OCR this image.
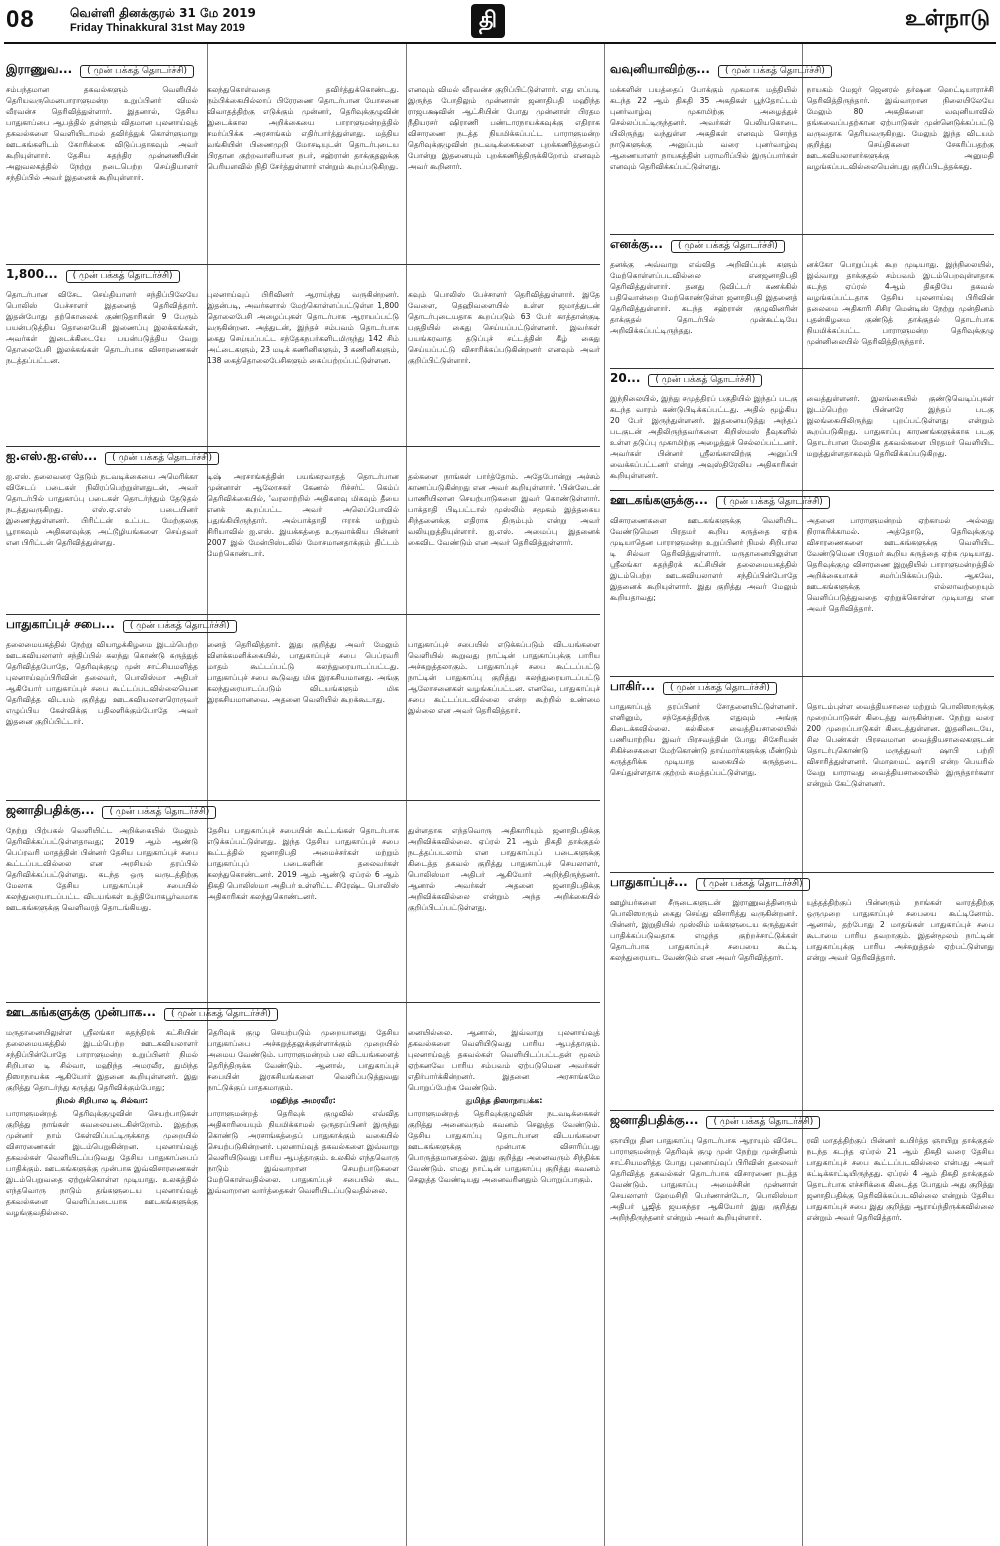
08	வெள்ளி தினக்குரல் 31 மே 2019
Friday Thinakkural 31st May 2019	தி	உள்நாடு
இராணுவ...	( முன் பக்கத் தொடர்ச்சி)

சம்பந்தமான தகவல்களும் வெளியில் தெரியவருமெனபாராளுமன்ற உறுப்பினர் விமல் வீரவன்ச தெரிவித்துள்ளார். இதனால், தேசிய பாதுகாப்பை ஆபத்தில் தள்ளும் விதமான புலனாய்வுத் தகவல்களை வெளியிடாமல் தவிர்த்துக் கொள்ளுமாறு ஊடகங்களிடம் கோரிக்கை விடுப்பதாகவும் அவர் கூறியுள்ளார். தேசிய சுதந்திர முன்னணியின் அலுவலகத்தில் நேற்று நடைபெற்ற செய்தியாளர் சந்திப்பில் அவர் இதனைக் கூறியுள்ளார்.

கலந்துகொள்வதை தவிர்த்துக்கொண்டது. நம்பிக்கையில்லாப் பிரேரணை தொடர்பான யோசனை விவாதத்திற்கு எடுக்கும் முன்னர், தெரிவுக்குழுவின் இடைக்கால அறிக்கையை பாராளுமன்றத்தில் சமர்ப்பிக்க அரசாங்கம் எதிர்பார்த்துள்ளது. மத்திய வங்கியின் பிணைமுறி மோசடியுடன் தொடர்புடைய பிரதான குற்றவாளியான நபர், சஹ்ரான் தாக்குதலுக்கு பெரியளவில் நிதி சேர்த்துள்ளார் என்றும் கூறப்படுகிறது.

எனவும் விமல் வீரவன்ச குறிப்பிட்டுள்ளார். எது எப்படி இருந்த போதிலும் முன்னாள் ஜனாதிபதி மஹிந்த ராஜபக்ஷவின் ஆட்சியின் போது முன்னாள் பிரதம நீதியரசர் ஷிராணி பண்டாரநாயக்கவுக்கு எதிராக விசாரணை நடத்த நியமிக்கப்பட்ட பாராளுமன்ற தெரிவுக்குழுவின் நடவடிக்கைகளை புறக்கணித்ததைப் போன்று இதனையும் புறக்கணித்திருக்கிறோம் எனவும் அவர் கூறினார்.

வவுனியாவிற்கு...	( முன் பக்கத் தொடர்ச்சி)

மக்களின் பயத்தைப் போக்கும் முகமாக மத்தியில் கடந்த 22 ஆம் திகதி 35 அகதிகள் பூந்தோட்டம் புனர்வாழ்வு முகாமிற்கு அழைத்துச் செல்லப்பட்டிருந்தனர். அவர்கள் பெலியகொடை யிலிருந்து வந்துள்ள அகதிகள் எனவும் சொந்த நாடுகளுக்கு அனுப்பும் வரை புனர்வாழ்வு ஆணையாளர் நாயகத்தின் பராமரிப்பில் இருப்பார்கள் எனவும் தெரிவிக்கப்பட்டுள்ளது.

நாயகம் மேஜர் ஜெனரல் தர்ஷன ஹெட்டியாராச்சி தெரிவித்திருந்தார். இவ்வாறான நிலையிலேயே மேலும் 80 அகதிகளை வவுனியாவில் தங்கவைப்பதற்கான ஏற்பாடுகள் முன்னெடுக்கப்பட்டு வருவதாக தெரியவருகிறது. மேலும் இந்த விடயம் குறித்து செய்திகளை சேகரிப்பதற்கு ஊடகவியலாளர்களுக்கு அனுமதி வழங்கப்படவில்லையென்பது குறிப்பிடத்தக்கது.

எனக்கு...	( முன் பக்கத் தொடர்ச்சி)

தனக்கு அவ்வாறு எவ்வித அறிவிப்புக் களும் மேற்கொள்ளப்படவில்லை எனஜனாதிபதி தெரிவித்துள்ளார். தனது டுவிட்டர் கணக்கில் பதிவொன்றை மேற்கொண்டுள்ள ஜனாதிபதி இதனைத் தெரிவித்துள்ளார். கடந்த சஹ்ரான் குழுவினரின் தாக்குதல் தொடர்பில் முன்கூட்டியே அறிவிக்கப்பட்டிருந்தது.

னக்கோ பொறுப்புக் கூற முடியாது. இந்நிலையில், இவ்வாறு தாக்குதல் சம்பவம் இடம்பெறவுள்ளதாக கடந்த ஏப்ரல் 4ஆம் திகதியே தகவல் வழங்கப்பட்டதாக தேசிய புலனாய்வு பிரிவின் தலைமை அதிகாரி சிசிர மென்டிஸ் நேற்று முன்தினம் புதன்கிழமை குண்டுத் தாக்குதல் தொடர்பாக நியமிக்கப்பட்ட பாராளுமன்ற தெரிவுக்குழு முன்னிலையில் தெரிவித்திருந்தார்.

1,800...	( முன் பக்கத் தொடர்ச்சி)

தொடர்பான விசேட செய்தியாளர் சந்திப்பிலேயே பொலிஸ் பேச்சாளர் இதனைத் தெரிவித்தார். இதன்போது தற்கொலைக் குண்டுதாரிகள் 9 பேரும் பயன்படுத்திய தொலைபேசி இணைப்பு இலக்கங்கள், அவர்கள் இடைக்கிடையே பயன்படுத்திய வேறு தொலைபேசி இலக்கங்கள் தொடர்பாக விசாரணைகள் நடத்தப்பட்டன.

புலனாய்வுப் பிரிவினர் ஆராய்ந்து வருகின்றனர். இதன்படி, அவர்களால் மேற்கொள்ளப்பட்டுள்ள 1,800 தொலைபேசி அழைப்புகள் தொடர்பாக ஆராயப்பட்டு வருகின்றன. அத்துடன், இந்தச் சம்பவம் தொடர்பாக கைது செய்யப்பட்ட சந்தேகநபர்களிடமிருந்து 142 சிம் அட்டைகளும், 23 மடிக் கணினிகளும், 3 கணினிகளும், 138 கைத்தொலைபேசிகளும் கைப்பற்றப்பட்டுள்ளன.

கவும் பொலிஸ் பேச்சாளர் தெரிவித்துள்ளார். இதே வேளை, தெஹிவளையில் உள்ள ஜமாத்துடன் தொடர்புடையதாக கூறப்படும் 63 பேர் காத்தான்குடி பகுதியில் கைது செய்யப்பட்டுள்ளனர். இவர்கள் பயங்கரவாத தடுப்புச் சட்டத்தின் கீழ் கைது செய்யப்பட்டு விசாரிக்கப்படுகின்றனர் எனவும் அவர் குறிப்பிட்டுள்ளார்.

20...	( முன் பக்கத் தொடர்ச்சி)

இந்நிலையில், இந்து சமுத்திரப் பகுதியில் இந்தப் படகு கடந்த வாரம் கண்டுபிடிக்கப்பட்டது. அதில் மூழ்கிய 20 பேர் இருந்துள்ளனர். இதனையடுத்து அந்தப் படகுடன் அதிலிருந்தவர்களை கிறிஸ்மஸ் தீவுகளில் உள்ள தடுப்பு முகாமிற்கு அழைத்துச் செல்லப்பட்டனர். அவர்கள் பின்னர் ஸ்ரீலங்காவிற்கு அனுப்பி வைக்கப்பட்டனர் என்று அவுஸ்திரேலிய அதிகாரிகள் கூறியுள்ளனர்.

வைத்துள்ளனர். இலங்கையில் குண்டுவெடிப்புகள் இடம்பெற்ற பின்னரே இந்தப் படகு இலங்கையிலிருந்து புறப்பட்டுள்ளது என்றும் கூறப்படுகிறது. பாதுகாப்பு காரணங்களுக்காக படகு தொடர்பான மேலதிக தகவல்களை பிரதமர் வெளியிட மறுத்துள்ளதாகவும் தெரிவிக்கப்படுகிறது.

ஐ.எஸ்.ஐ.எஸ்...	( முன் பக்கத் தொடர்ச்சி)

ஐ.எஸ். தலைவரை தேடும் நடவடிக்கையை அமெரிக்கா விசேடப் படைகள் நிலிரப்பெற்றுள்ளதுடன், அவர் தொடர்பில் பாதுகாப்பு படைகள் தொடர்ந்தும் தேடுதல் நடத்துவருகிறது. எஸ்.ஏ.எஸ் படையினர் இணைந்துள்ளனர். பிரிட்டன் உட்பட மேற்குலகு பூராகவும் அதிகளவுக்கு அட்டூழியங்களை செய்தவர் என பிரிட்டன் தெரிவித்துள்ளது.

டிஷ் அரசாங்கத்தின் பயங்கரவாதத் தொடர்பான முன்னாள் ஆலோசகர் கேணல் ரிச்சர்ட் கெம்ப் தெரிவிக்கையில், 'வரலாற்றில் அதிகளவு மிகவும் தீயை எனக் கூறப்பட்ட அவர் அலெப்போவில் பதுங்கியிருந்தார். அல்பாக்தாதி ஈராக் மற்றும் சிரியாவில் ஐ.எஸ். இயக்கத்தை உருவாக்கிய பின்னர் 2007 இல் மேன்பிஸ்டலில் மோசமானதாக்கும் திட்டம் மேற்கொண்டார்.

தல்களை நாங்கள் பார்த்தோம். அதேபோன்று அச்சம் காணப்படுகின்றது என அவர் கூறியுள்ளார். 'பின்லேடன் பாணியிலான செயற்பாடுகளை இவர் கொண்டுள்ளார். பாக்தாதி பிடிபட்டால் முஸ்லிம் சமூகம் இத்தகைய சிந்தனைக்கு எதிராக திரும்பும் என்று அவர் வலியுறுத்தியுள்ளார். ஐ.எஸ். அமைப்பு இதனைக் கைவிட வேண்டும் என அவர் தெரிவித்துள்ளார்.

ஊடகங்களுக்கு...	( முன் பக்கத் தொடர்ச்சி)

விசாரணைகளை ஊடகங்களுக்கு வெளியிட வேண்டுமென பிரதமர் கூறிய கருத்தை ஏற்க முடியாதென பாராளுமன்ற உறுப்பினர் நிமல் சிறிபால டி சில்வா தெரிவித்துள்ளார். மருதானையிலுள்ள ஸ்ரீலங்கா சுதந்திரக் கட்சியின் தலைமையகத்தில் இடம்பெற்ற ஊடகவியலாளர் சந்திப்பின்போதே இதனைக் கூறியுள்ளார். இது குறித்து அவர் மேலும் கூறியதாவது;

அதனை பாராளுமன்றம் ஏற்காமல் அல்லது நிராகரிக்காமல். அத்தோடு, தெரிவுக்குழு விசாரணைகளை ஊடகங்களுக்கு வெளியிட வேண்டுமென பிரதமர் கூறிய கருத்தை ஏற்க முடியாது. தெரிவுக்குழு விசாரணை இறுதியில் பாராளுமன்றத்தில் அறிக்கையாகச் சமர்ப்பிக்கப்படும். ஆகவே, ஊடகங்களுக்கு எல்லாவற்றையும் வெளிப்படுத்துவதை ஏற்றுக்கொள்ள முடியாது என அவர் தெரிவித்தார்.

பாதுகாப்புச் சபை...	( முன் பக்கத் தொடர்ச்சி)

தலைமையகத்தில் நேற்று வியாழக்கிழமை இடம்பெற்ற ஊடகவியலாளர் சந்திப்பில் கலந்து கொண்டு கருத்துத் தெரிவித்தபோதே, தெரிவுக்குழு முன் சாட்சியமளித்த புலனாய்வுப்பிரிவின் தலைவர், பொலிஸ்மா அதிபர் ஆகியோர் பாதுகாப்புச் சபை கூட்டப்படவில்லையென தெரிவித்த விடயம் குறித்து ஊடகவியலாளரொருவர் எழுப்பிய கேள்விக்கு பதிலளிக்கும்போதே அவர் இதனை குறிப்பிட்டார்.

னைத் தெரிவித்தார். இது குறித்து அவர் மேலும் விளக்கமளிக்கையில், பாதுகாப்புச் சபை பெப்ரவரி மாதம் கூட்டப்பட்டு கலந்துரையாடப்பட்டது. பாதுகாப்புச் சபை கூடுவது மிக இரகசியமானது. அங்கு கலந்துரையாடப்படும் விடயங்களும் மிக இரகசியமானவை. அதனை வெளியில் கூறக்கூடாது.

பாதுகாப்புச் சபையில் எடுக்கப்படும் விடயங்களை வெளியில் கூறுவது நாட்டின் பாதுகாப்புக்கு பாரிய அச்சுறுத்தலாகும். பாதுகாப்புச் சபை கூட்டப்பட்டு நாட்டின் பாதுகாப்பு குறித்து கலந்துரையாடப்பட்டு ஆலோசனைகள் வழங்கப்பட்டன. எனவே, பாதுகாப்புச் சபை கூட்டப்படவில்லை என்ற கூற்றில் உண்மை இல்லை என அவர் தெரிவித்தார்.

பாகிர்...	( முன் பக்கத் தொடர்ச்சி)

பாதுகாப்புத் தரப்பினர் சோதனையிட்டுள்ளனர். எனினும், சந்தேகத்திற்கு எதுவும் அங்கு கிடைக்கவில்லை. கல்கிசை வைத்தியசாலையில் பணியாற்றிய இவர் பிரசவத்தின் போது சிசேரியன் சிகிச்சைகளை மேற்கொண்டு தாய்மார்களுக்கு மீண்டும் கருத்தரிக்க முடியாத வகையில் கருத்தடை செய்துள்ளதாக குற்றம் சுமத்தப்பட்டுள்ளது.

தொடம்புள்ள வைத்தியசாலை மற்றும் பொலிஸாருக்கு முறைப்பாடுகள் கிடைத்து வருகின்றன. நேற்று வரை 200 முறைப்பாடுகள் கிடைத்துள்ளன. இதனிடையே, சில பெண்கள் பிரசவமான வைத்தியசாலைகளுடன் தொடர்புகொண்டு மருத்துவர் ஷாபி பற்றி விசாரித்துள்ளனர். மொஹமட் ஷாபி என்ற பெயரில் வேறு யாராவது வைத்தியசாலையில் இருந்தார்களா என்றும் கேட்டுள்ளனர்.

ஜனாதிபதிக்கு...	( முன் பக்கத் தொடர்ச்சி)

நேற்று பிற்பகல் வெளியிட்ட அறிக்கையில் மேலும் தெரிவிக்கப்பட்டுள்ளதாவது; 2019 ஆம் ஆண்டு பெப்ரவரி மாதத்தின் பின்னர் தேசிய பாதுகாப்புச் சபை கூட்டப்படவில்லை என அரசியல் தரப்பில் தெரிவிக்கப்பட்டுள்ளது. கடந்த ஒரு வருடத்திற்கு மேலாக தேசிய பாதுகாப்புச் சபையில் கலந்துரையாடப்பட்ட விடயங்கள் உத்தியோகபூர்வமாக ஊடகங்களுக்கு வெளிவரத் தொடங்கியது.

தேசிய பாதுகாப்புச் சபையின் கூட்டங்கள் தொடர்பாக எடுக்கப்பட்டுள்ளது. இந்த தேசிய பாதுகாப்புச் சபை கூட்டத்தில் ஜனாதிபதி அமைச்சர்கள் மற்றும் பாதுகாப்புப் படைகளின் தலைவர்கள் கலந்துகொண்டனர். 2019 ஆம் ஆண்டு ஏப்ரல் 6 ஆம் திகதி பொலிஸ்மா அதிபர் உள்ளிட்ட சிரேஷ்ட பொலிஸ் அதிகாரிகள் கலந்துகொண்டனர்.

துள்ளதாக எந்தவொரு அதிகாரியும் ஜனாதிபதிக்கு அறிவிக்கவில்லை. ஏப்ரல் 21 ஆம் திகதி தாக்குதல் நடத்தப்படலாம் என பாதுகாப்புப் படைகளுக்கு கிடைத்த தகவல் குறித்து பாதுகாப்புச் செயலாளர், பொலிஸ்மா அதிபர் ஆகியோர் அறிந்திருந்தனர். ஆனால் அவர்கள் அதனை ஜனாதிபதிக்கு அறிவிக்கவில்லை என்றும் அந்த அறிக்கையில் குறிப்பிடப்பட்டுள்ளது.

பாதுகாப்புச்...	( முன் பக்கத் தொடர்ச்சி)

ஊழியர்களை சீருடைகளுடன் இராணுவத்தினரும் பொலிஸாரும் கைது செய்து விசாரித்து வருகின்றனர். பின்னர், இறுதியில் முஸ்லிம் மக்களுடைய கருத்துகள் பாதிக்கப்படுவதாக எழுந்த குற்றச்சாட்டுக்கள் தொடர்பாக பாதுகாப்புச் சபையை கூட்டி கலந்துரையாட வேண்டும் என அவர் தெரிவித்தார்.

யுத்தத்திற்குப் பின்னரும் நாங்கள் வாரத்திற்கு ஒருமுறை பாதுகாப்புச் சபையை கூட்டினோம். ஆனால், தற்போது 2 மாதங்கள் பாதுகாப்புச் சபை கூடாமை பாரிய தவறாகும். இதன்மூலம் நாட்டின் பாதுகாப்புக்கு பாரிய அச்சுறுத்தல் ஏற்பட்டுள்ளது என்று அவர் தெரிவித்தார்.

ஊடகங்களுக்கு முன்பாக...	( முன் பக்கத் தொடர்ச்சி)

மருதானையிலுள்ள ஸ்ரீலங்கா சுதந்திரக் கட்சியின் தலைமையகத்தில் இடம்பெற்ற ஊடகவியலாளர் சந்திப்பின்போதே பாராளுமன்ற உறுப்பினர் நிமல் சிறிபால டி சில்வா, மஹிந்த அமரவீர, துமிந்த திஸாநாயக்க ஆகியோர் இதனை கூறியுள்ளனர். இது குறித்து தொடர்ந்து கருத்து தெரிவிக்கும்போது;

நிமல் சிறிபால டி சில்வா:

பாராளுமன்றத் தெரிவுக்குழுவின் செயற்பாடுகள் குறித்து நாங்கள் கவலையடைகின்றோம். இதற்கு முன்னர் நாம் கேள்விப்பட்டிருக்காத முறையில் விசாரணைகள் இடம்பெறுகின்றன. புலனாய்வுத் தகவல்கள் வெளியிடப்படுவது தேசிய பாதுகாப்பைப் பாதிக்கும். ஊடகங்களுக்கு முன்பாக இவ்விசாரணைகள் இடம்பெறுவதை ஏற்றுக்கொள்ள முடியாது. உலகத்தில் எந்தவொரு நாடும் தங்களுடைய புலனாய்வுத் தகவல்களை வெளிப்படையாக ஊடகங்களுக்கு வழங்குவதில்லை.

தெரிவுக் குழு செயற்படும் முறையானது தேசிய பாதுகாப்பை அச்சுறுத்தலுக்குள்ளாக்கும் முறையில் அமைய வேண்டும். பாராளுமன்றம் பல விடயங்களைத் தெரிந்திருக்க வேண்டும். ஆனால், பாதுகாப்புச் சபையின் இரகசியங்களை வெளிப்படுத்துவது நாட்டுக்குப் பாதகமாகும்.

மஹிந்த அமரவீர:

பாராளுமன்றத் தெரிவுக் குழுவில் எவ்வித அதிகாரியையும் நியமிக்காமல் ஒருதரப்பினர் இருந்து கொண்டு அரசாங்கத்தைப் பாதுகாக்கும் வகையில் செயற்படுகின்றனர். புலனாய்வுத் தகவல்களை இவ்வாறு வெளியிடுவது பாரிய ஆபத்தாகும். உலகில் எந்தவொரு நாடும் இவ்வாறான செயற்பாடுகளை மேற்கொள்வதில்லை. பாதுகாப்புச் சபையில் கூட இவ்வாறான வார்த்தைகள் வெளியிடப்படுவதில்லை.

னையில்லை. ஆனால், இவ்வாறு புலனாய்வுத் தகவல்களை வெளியிடுவது பாரிய ஆபத்தாகும். புலனாய்வுத் தகவல்கள் வெளியிடப்பட்டதன் மூலம் ஏற்கனவே பாரிய சம்பவம் ஏற்படுமென அவர்கள் எதிர்பார்க்கின்றனர். இதனை அரசாங்கமே பொறுப்பேற்க வேண்டும்.

துமிந்த திஸாநாயக்க:

பாராளுமன்றத் தெரிவுக்குழுவின் நடவடிக்கைகள் குறித்து அனைவரும் கவனம் செலுத்த வேண்டும். தேசிய பாதுகாப்பு தொடர்பான விடயங்களை ஊடகங்களுக்கு முன்பாக விசாரிப்பது பொருத்தமானதல்ல. இது குறித்து அனைவரும் சிந்திக்க வேண்டும். எமது நாட்டின் பாதுகாப்பு குறித்து கவனம் செலுத்த வேண்டியது அனைவரினதும் பொறுப்பாகும்.

ஜனாதிபதிக்கு...	( முன் பக்கத் தொடர்ச்சி)

ஞாயிறு தின பாதுகாப்பு தொடர்பாக ஆராயும் விசேட பாராளுமன்றத் தெரிவுக் குழு முன் நேற்று முன்தினம் சாட்சியமளித்த போது புலனாய்வுப் பிரிவின் தலைவர் தெரிவித்த தகவல்கள் தொடர்பாக விசாரணை நடத்த வேண்டும். பாதுகாப்பு அமைச்சின் முன்னாள் செயலாளர் ஹேமசிறி பெர்ணான்டோ, பொலிஸ்மா அதிபர் பூஜித் ஜயசுந்தர ஆகியோர் இது குறித்து அறிந்திருந்தனர் என்றும் அவர் கூறியுள்ளார்.

ரவி மாதத்திற்குப் பின்னர் உயிர்த்த ஞாயிறு தாக்குதல் நடந்த கடந்த ஏப்ரல் 21 ஆம் திகதி வரை தேசிய பாதுகாப்புச் சபை கூட்டப்படவில்லை என்பது அவர் சுட்டிக்காட்டியிருந்தது. ஏப்ரல் 4 ஆம் திகதி தாக்குதல் தொடர்பாக எச்சரிக்கை கிடைத்த போதும் அது குறித்து ஜனாதிபதிக்கு தெரிவிக்கப்படவில்லை என்றும் தேசிய பாதுகாப்புச் சபை இது குறித்து ஆராய்ந்திருக்கவில்லை என்றும் அவர் தெரிவித்தார்.
